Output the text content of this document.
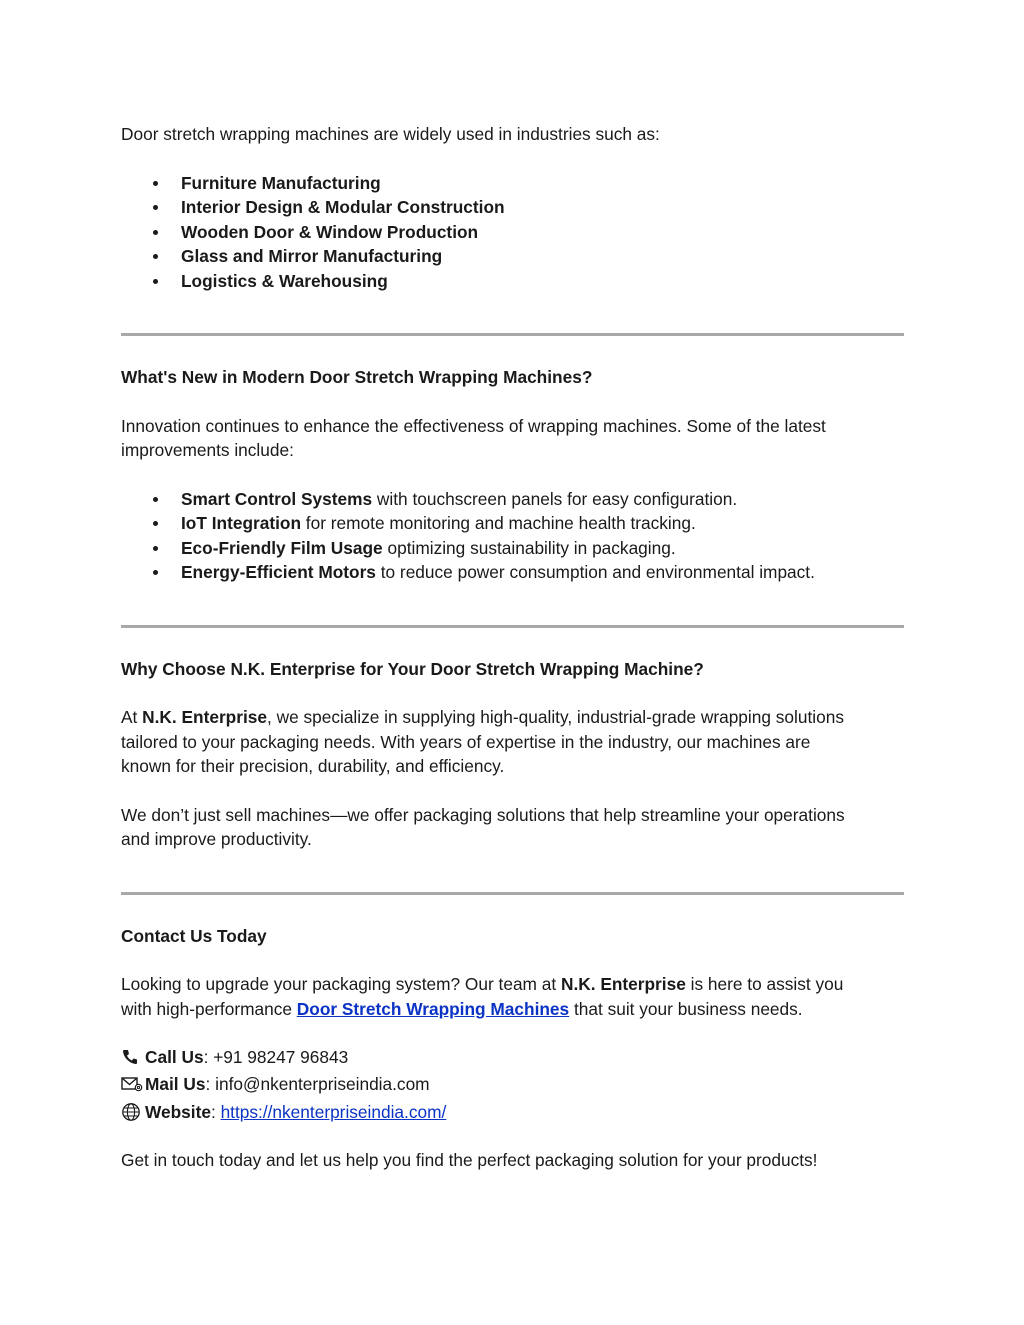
Door stretch wrapping machines are widely used in industries such as:

Furniture Manufacturing
Interior Design & Modular Construction
Wooden Door & Window Production
Glass and Mirror Manufacturing
Logistics & Warehousing

What's New in Modern Door Stretch Wrapping Machines?

Innovation continues to enhance the effectiveness of wrapping machines. Some of the latest
improvements include:

Smart Control Systems with touchscreen panels for easy configuration.
IoT Integration for remote monitoring and machine health tracking.
Eco-Friendly Film Usage optimizing sustainability in packaging.
Energy-Efficient Motors to reduce power consumption and environmental impact.

Why Choose N.K. Enterprise for Your Door Stretch Wrapping Machine?

At N.K. Enterprise, we specialize in supplying high-quality, industrial-grade wrapping solutions
tailored to your packaging needs. With years of expertise in the industry, our machines are
known for their precision, durability, and efficiency.

We don’t just sell machines—we offer packaging solutions that help streamline your operations
and improve productivity.

Contact Us Today

Looking to upgrade your packaging system? Our team at N.K. Enterprise is here to assist you
with high-performance Door Stretch Wrapping Machines that suit your business needs.

Call Us : +91 98247 96843
Mail Us : info@nkenterpriseindia.com
Website : https://nkenterpriseindia.com/

Get in touch today and let us help you find the perfect packaging solution for your products!
